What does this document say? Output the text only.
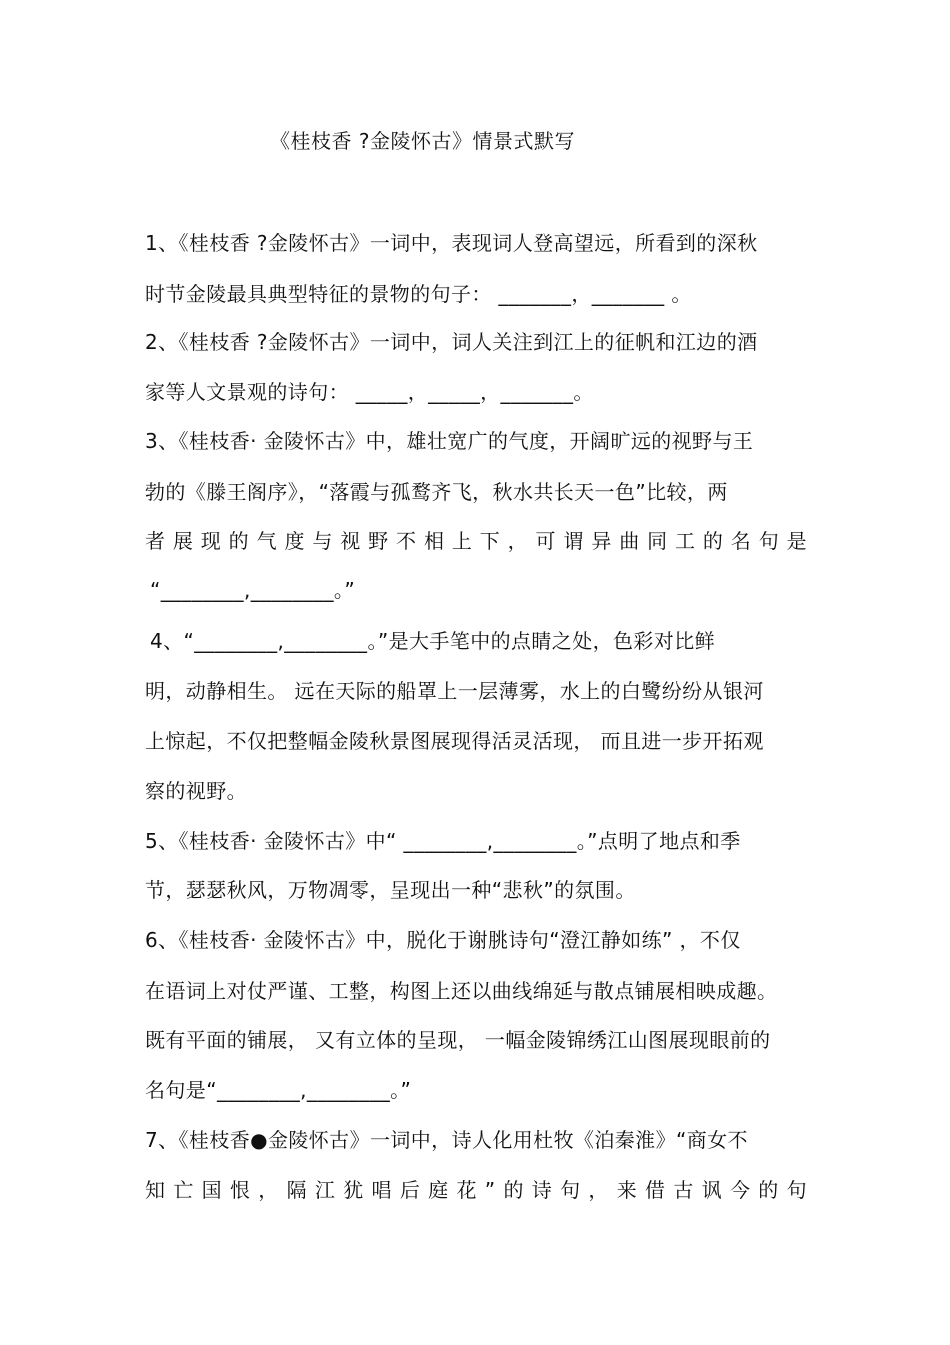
《桂枝香 ?金陵怀古》情景式默写
1、《桂枝香 ?金陵怀古》一词中，表现词人登高望远，所看到的深秋
时节金陵最具典型特征的景物的句子： _______，_______ 。
2、《桂枝香 ?金陵怀古》一词中，词人关注到江上的征帆和江边的酒
家等人文景观的诗句： _____，_____，_______。
3、《桂枝香· 金陵怀古》中，雄壮宽广的气度，开阔旷远的视野与王
勃的《滕王阁序》，“落霞与孤鹜齐飞，秋水共长天一色”比较，两
者展现的气度与视野不相上下，可谓异曲同工的名句是
“________,________。”
4、“________,________。”是大手笔中的点睛之处，色彩对比鲜
明，动静相生。 远在天际的船罩上一层薄雾，水上的白鹭纷纷从银河
上惊起，不仅把整幅金陵秋景图展现得活灵活现， 而且进一步开拓观
察的视野。
5、《桂枝香· 金陵怀古》中“ ________,________。”点明了地点和季
节，瑟瑟秋风，万物凋零，呈现出一种“悲秋”的氛围。
6、《桂枝香· 金陵怀古》中，脱化于谢朓诗句“澄江静如练” ，不仅
在语词上对仗严谨、工整，构图上还以曲线绵延与散点铺展相映成趣。
既有平面的铺展， 又有立体的呈现， 一幅金陵锦绣江山图展现眼前的
名句是“________,________。”
7、《桂枝香●金陵怀古》一词中，诗人化用杜牧《泊秦淮》“商女不
知亡国恨，隔江犹唱后庭花”的诗句，来借古讽今的句
